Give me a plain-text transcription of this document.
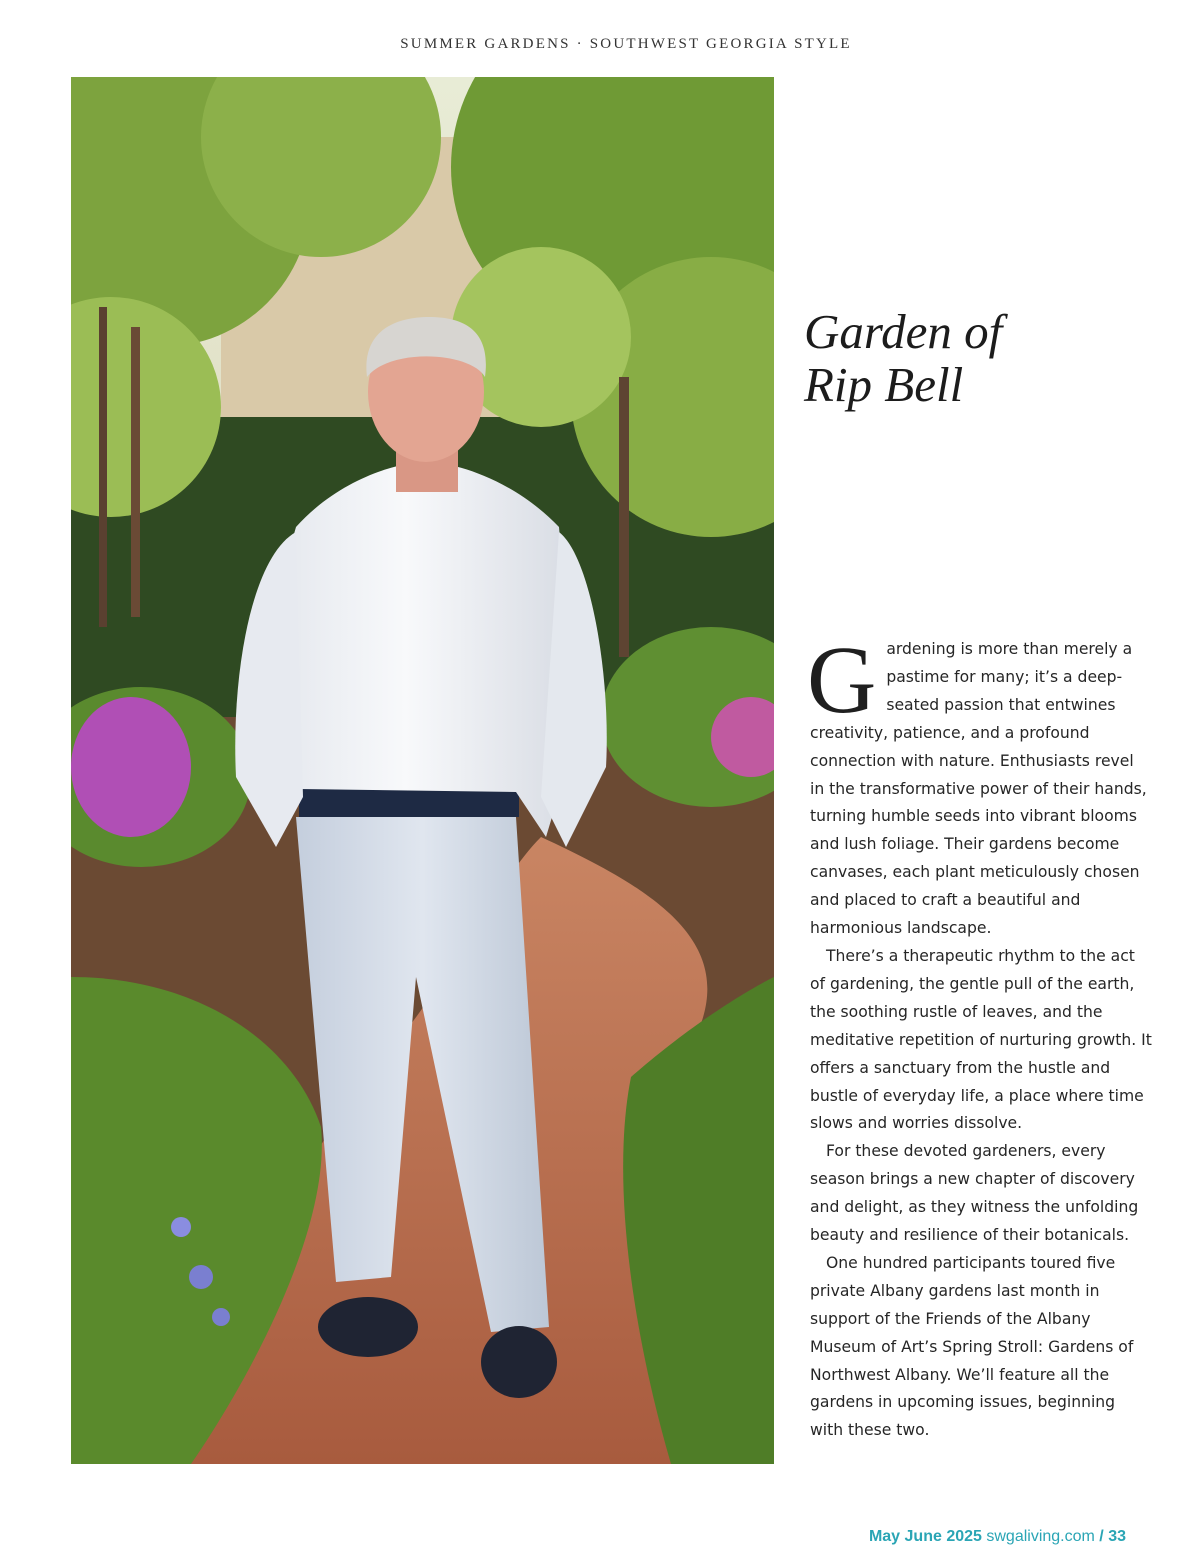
SUMMER GARDENS · SOUTHWEST GEORGIA STYLE
Garden of
Rip Bell

Gardening is more than merely a pastime for many; it’s a deep-seated passion that entwines creativity, patience, and a profound connection with nature. Enthusiasts revel in the transformative power of their hands, turning humble seeds into vibrant blooms and lush foliage. Their gardens become canvases, each plant meticulously chosen and placed to craft a beautiful and harmonious landscape.

There’s a therapeutic rhythm to the act of gardening, the gentle pull of the earth, the soothing rustle of leaves, and the meditative repetition of nurturing growth. It offers a sanctuary from the hustle and bustle of everyday life, a place where time slows and worries dissolve.

For these devoted gardeners, every season brings a new chapter of discovery and delight, as they witness the unfolding beauty and resilience of their botanicals.

One hundred participants toured five private Albany gardens last month in support of the Friends of the Albany Museum of Art’s Spring Stroll: Gardens of Northwest Albany. We’ll feature all the gardens in upcoming issues, beginning with these two.

May June 2025 swgaliving.com / 33
